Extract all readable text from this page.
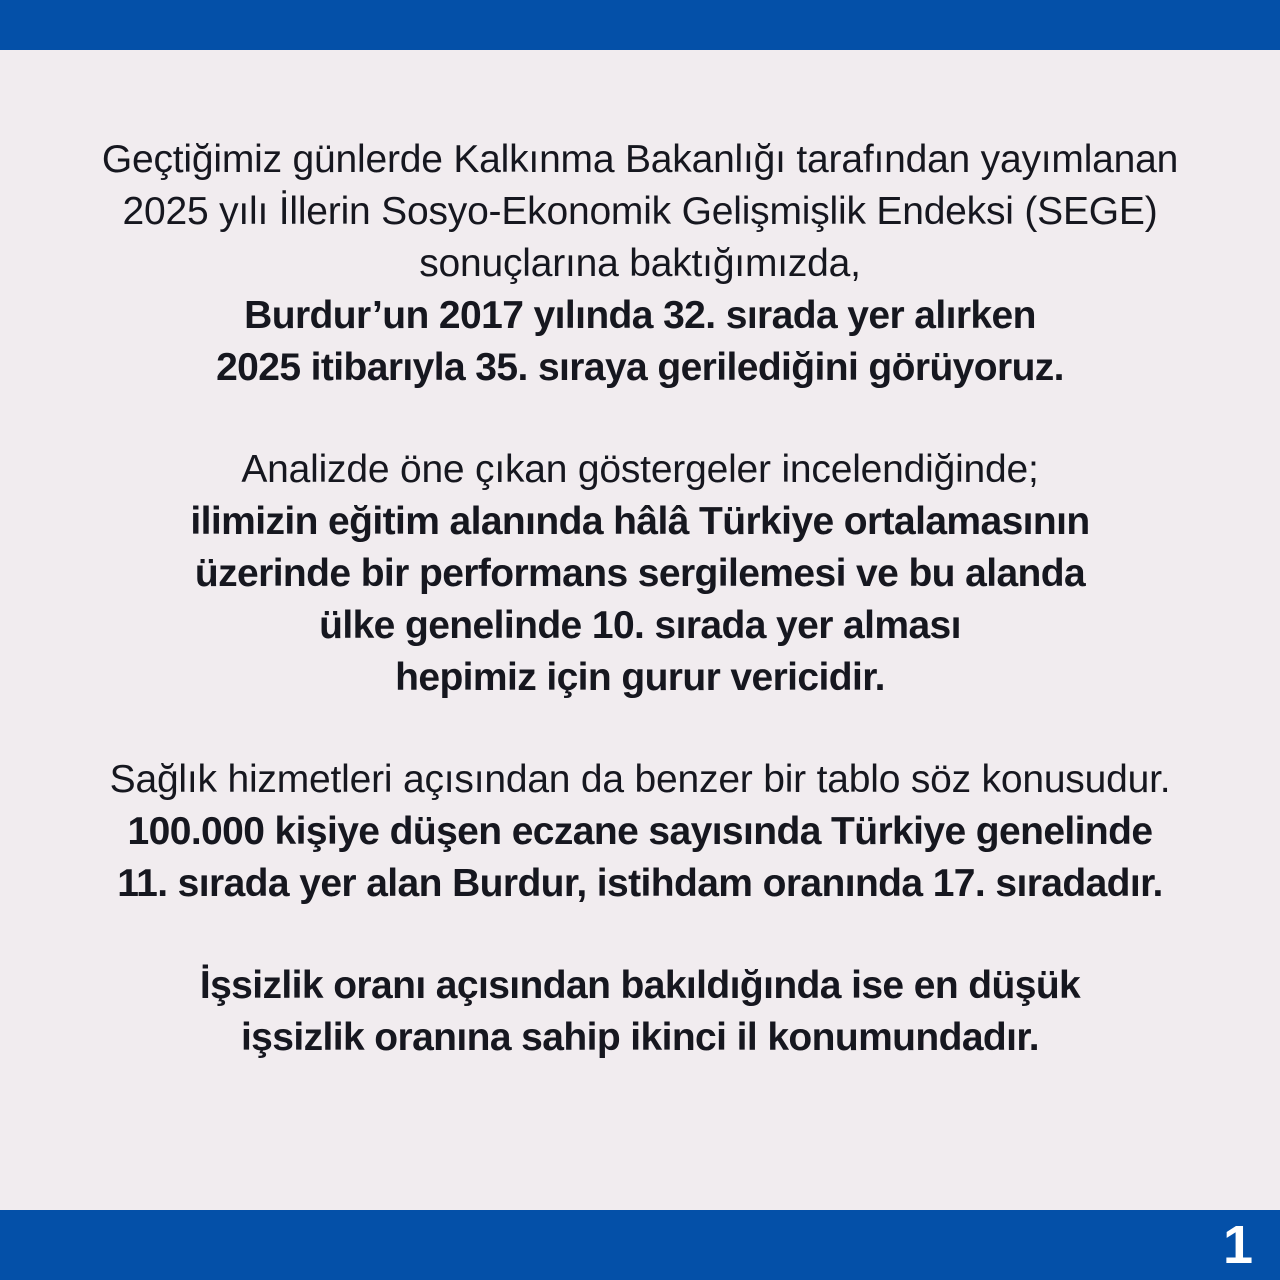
Geçtiğimiz günlerde Kalkınma Bakanlığı tarafından yayımlanan
2025 yılı İllerin Sosyo-Ekonomik Gelişmişlik Endeksi (SEGE)
sonuçlarına baktığımızda,
Burdur’un 2017 yılında 32. sırada yer alırken
2025 itibarıyla 35. sıraya gerilediğini görüyoruz.

Analizde öne çıkan göstergeler incelendiğinde;
ilimizin eğitim alanında hâlâ Türkiye ortalamasının
üzerinde bir performans sergilemesi ve bu alanda
ülke genelinde 10. sırada yer alması
hepimiz için gurur vericidir.

Sağlık hizmetleri açısından da benzer bir tablo söz konusudur.
100.000 kişiye düşen eczane sayısında Türkiye genelinde
11. sırada yer alan Burdur, istihdam oranında 17. sıradadır.

İşsizlik oranı açısından bakıldığında ise en düşük
işsizlik oranına sahip ikinci il konumundadır.

1
